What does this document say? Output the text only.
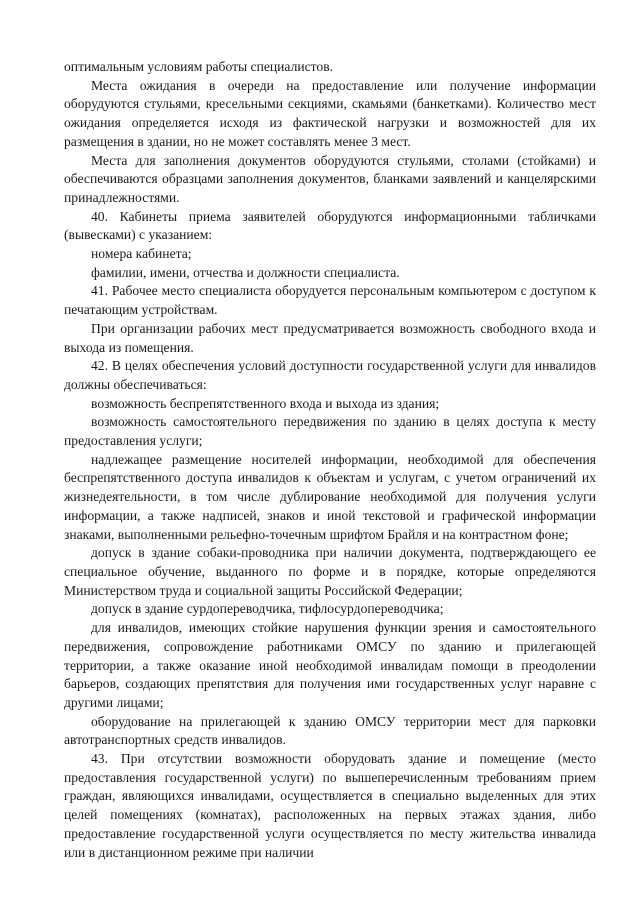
оптимальным условиям работы специалистов.

Места ожидания в очереди на предоставление или получение информации оборудуются стульями, кресельными секциями, скамьями (банкетками). Количество мест ожидания определяется исходя из фактической нагрузки и возможностей для их размещения в здании, но не может составлять менее 3 мест.

Места для заполнения документов оборудуются стульями, столами (стойками) и обеспечиваются образцами заполнения документов, бланками заявлений и канцелярскими принадлежностями.

40. Кабинеты приема заявителей оборудуются информационными табличками (вывесками) с указанием:

номера кабинета;

фамилии, имени, отчества и должности специалиста.

41. Рабочее место специалиста оборудуется персональным компьютером с доступом к печатающим устройствам.

При организации рабочих мест предусматривается возможность свободного входа и выхода из помещения.

42. В целях обеспечения условий доступности государственной услуги для инвалидов должны обеспечиваться:

возможность беспрепятственного входа и выхода из здания;

возможность самостоятельного передвижения по зданию в целях доступа к месту предоставления услуги;

надлежащее размещение носителей информации, необходимой для обеспечения беспрепятственного доступа инвалидов к объектам и услугам, с учетом ограничений их жизнедеятельности, в том числе дублирование необходимой для получения услуги информации, а также надписей, знаков и иной текстовой и графической информации знаками, выполненными рельефно-точечным шрифтом Брайля и на контрастном фоне;

допуск в здание собаки-проводника при наличии документа, подтверждающего ее специальное обучение, выданного по форме и в порядке, которые определяются Министерством труда и социальной защиты Российской Федерации;

допуск в здание сурдопереводчика, тифлосурдопереводчика;

для инвалидов, имеющих стойкие нарушения функции зрения и самостоятельного передвижения, сопровождение работниками ОМСУ по зданию и прилегающей территории, а также оказание иной необходимой инвалидам помощи в преодолении барьеров, создающих препятствия для получения ими государственных услуг наравне с другими лицами;

оборудование на прилегающей к зданию ОМСУ территории мест для парковки автотранспортных средств инвалидов.

43. При отсутствии возможности оборудовать здание и помещение (место предоставления государственной услуги) по вышеперечисленным требованиям прием граждан, являющихся инвалидами, осуществляется в специально выделенных для этих целей помещениях (комнатах), расположенных на первых этажах здания, либо предоставление государственной услуги осуществляется по месту жительства инвалида или в дистанционном режиме при наличии
